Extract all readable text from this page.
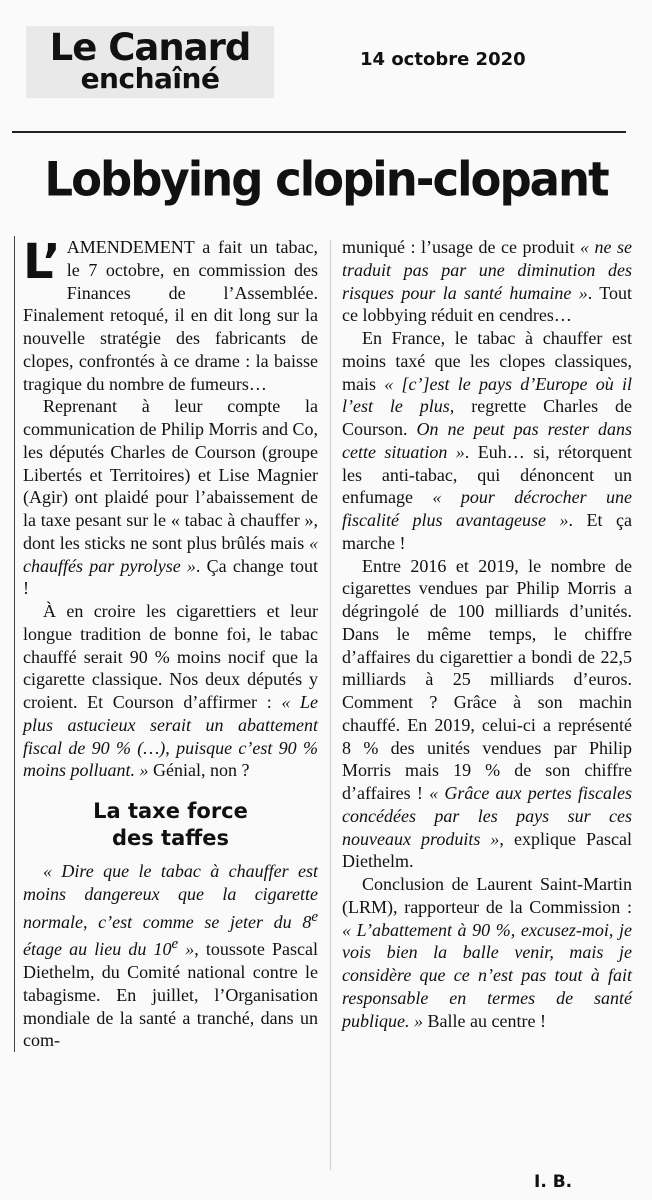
Le Canard
enchaîné
14 octobre 2020
Lobbying clopin-clopant

L’ AMENDEMENT a fait un tabac, le 7 octobre, en commission des Finances de l’Assemblée. Finalement retoqué, il en dit long sur la nouvelle stratégie des fabricants de clopes, confrontés à ce drame : la baisse tragique du nombre de fumeurs…

Reprenant à leur compte la communication de Philip Morris and Co, les députés Charles de Courson (groupe Libertés et Territoires) et Lise Magnier (Agir) ont plaidé pour l’abaissement de la taxe pesant sur le « tabac à chauffer », dont les sticks ne sont plus brûlés mais « chauffés par pyrolyse ». Ça change tout !

À en croire les cigarettiers et leur longue tradition de bonne foi, le tabac chauffé serait 90 % moins nocif que la cigarette classique. Nos deux députés y croient. Et Courson d’affirmer : « Le plus astucieux serait un abattement fiscal de 90 % (…), puisque c’est 90 % moins polluant. » Génial, non ?

La taxe force
des taffes

« Dire que le tabac à chauffer est moins dangereux que la cigarette normale, c’est comme se jeter du 8e étage au lieu du 10e », toussote Pascal Diethelm, du Comité national contre le tabagisme. En juillet, l’Organisation mondiale de la santé a tranché, dans un com-

muniqué : l’usage de ce produit « ne se traduit pas par une diminution des risques pour la santé humaine ». Tout ce lobbying réduit en cendres…

En France, le tabac à chauffer est moins taxé que les clopes classiques, mais « [c’]est le pays d’Europe où il l’est le plus, regrette Charles de Courson. On ne peut pas rester dans cette situation ». Euh… si, rétorquent les anti-tabac, qui dénoncent un enfumage « pour décrocher une fiscalité plus avantageuse ». Et ça marche !

Entre 2016 et 2019, le nombre de cigarettes vendues par Philip Morris a dégringolé de 100 milliards d’unités. Dans le même temps, le chiffre d’affaires du cigarettier a bondi de 22,5 milliards à 25 milliards d’euros. Comment ? Grâce à son machin chauffé. En 2019, celui-ci a représenté 8 % des unités vendues par Philip Morris mais 19 % de son chiffre d’affaires ! « Grâce aux pertes fiscales concédées par les pays sur ces nouveaux produits », explique Pascal Diethelm.

Conclusion de Laurent Saint-Martin (LRM), rapporteur de la Commission : « L’abattement à 90 %, excusez-moi, je vois bien la balle venir, mais je considère que ce n’est pas tout à fait responsable en termes de santé publique. » Balle au centre !

I. B.
